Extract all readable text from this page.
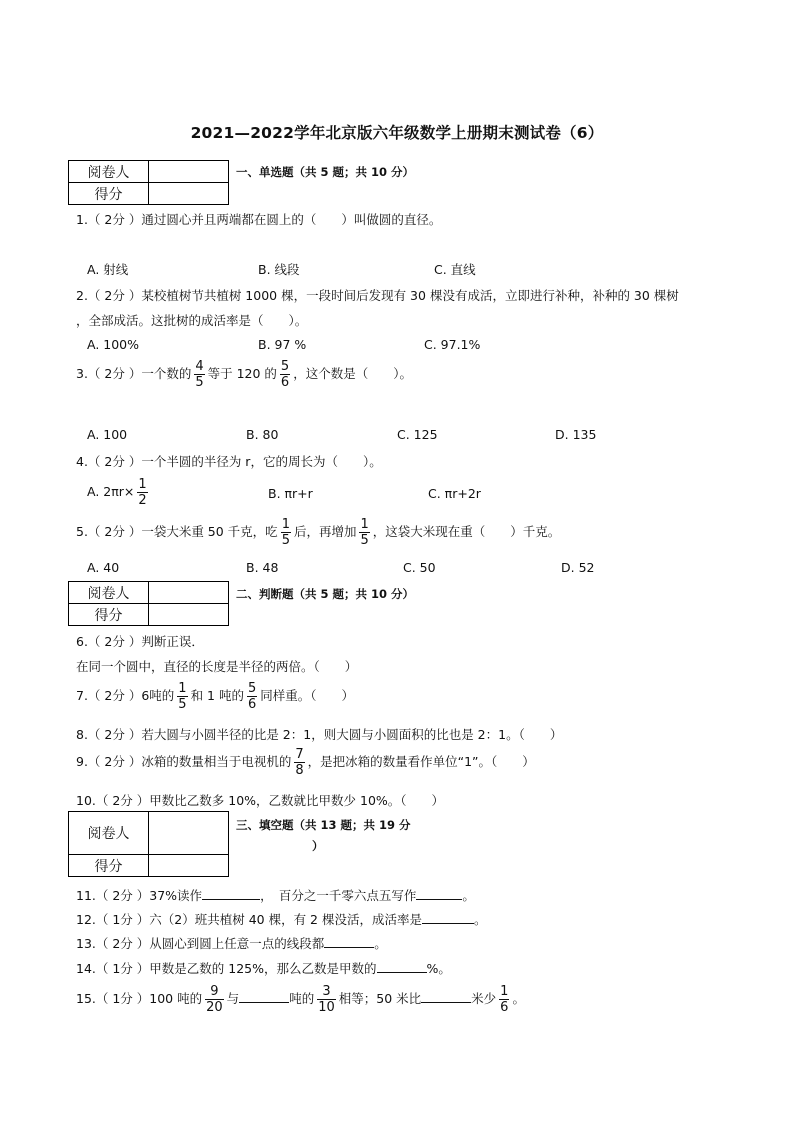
2021—2022学年北京版六年级数学上册期末测试卷（6）
阅卷人	
得分	
一、单选题（共 5 题；共 10 分）
1.（ 2分 ）通过圆心并且两端都在圆上的（　　）叫做圆的直径。
A. 射线	B. 线段	C. 直线
2.（ 2分 ）某校植树节共植树 1000 棵，一段时间后发现有 30 棵没有成活，立即进行补种，补种的 30 棵树
，全部成活。这批树的成活率是（　　）。
A. 100%	B. 97 %	C. 97.1%
3.（ 2分 ）一个数的 $\frac{4}{5}$ 等于 120 的 $\frac{5}{6}$ ，这个数是（　　）。
A. 100	B. 80	C. 125	D. 135
4.（ 2分 ）一个半圆的半径为 r，它的周长为（　　）。
A. $2\pi r\times \frac{1}{2}$	B. πr+r	C. πr+2r
5.（ 2分 ）一袋大米重 50 千克，吃 $\frac{1}{5}$ 后，再增加 $\frac{1}{5}$ ，这袋大米现在重（　　）千克。
A. 40	B. 48	C. 50	D. 52
阅卷人	
得分	
二、判断题（共 5 题；共 10 分）
6.（ 2分 ）判断正误．
在同一个圆中，直径的长度是半径的两倍。（　　）
7.（ 2分 ）6吨的 $\frac{1}{5}$ 和 1 吨的 $\frac{5}{6}$ 同样重。（　　）
8.（ 2分 ）若大圆与小圆半径的比是 2：1，则大圆与小圆面积的比也是 2：1。（　　）
9.（ 2分 ）冰箱的数量相当于电视机的 $\frac{7}{8}$ ，是把冰箱的数量看作单位“1”。（　　）
10.（ 2分 ）甲数比乙数多 10%，乙数就比甲数少 10%。（　　）
阅卷人	
得分	
三、填空题（共 13 题；共 19 分
）
11.（ 2分 ）37%读作	，　百分之一千零六点五写作	。
12.（ 1分 ）六（2）班共植树 40 棵，有 2 棵没活，成活率是	。
13.（ 2分 ）从圆心到圆上任意一点的线段都	。
14.（ 1分 ）甲数是乙数的 125%，那么乙数是甲数的	%。
15.（ 1分 ）100 吨的 $\frac{9}{20}$ 与	吨的 $\frac{3}{10}$ 相等；50 米比	米少 $\frac{1}{6}$ 。
